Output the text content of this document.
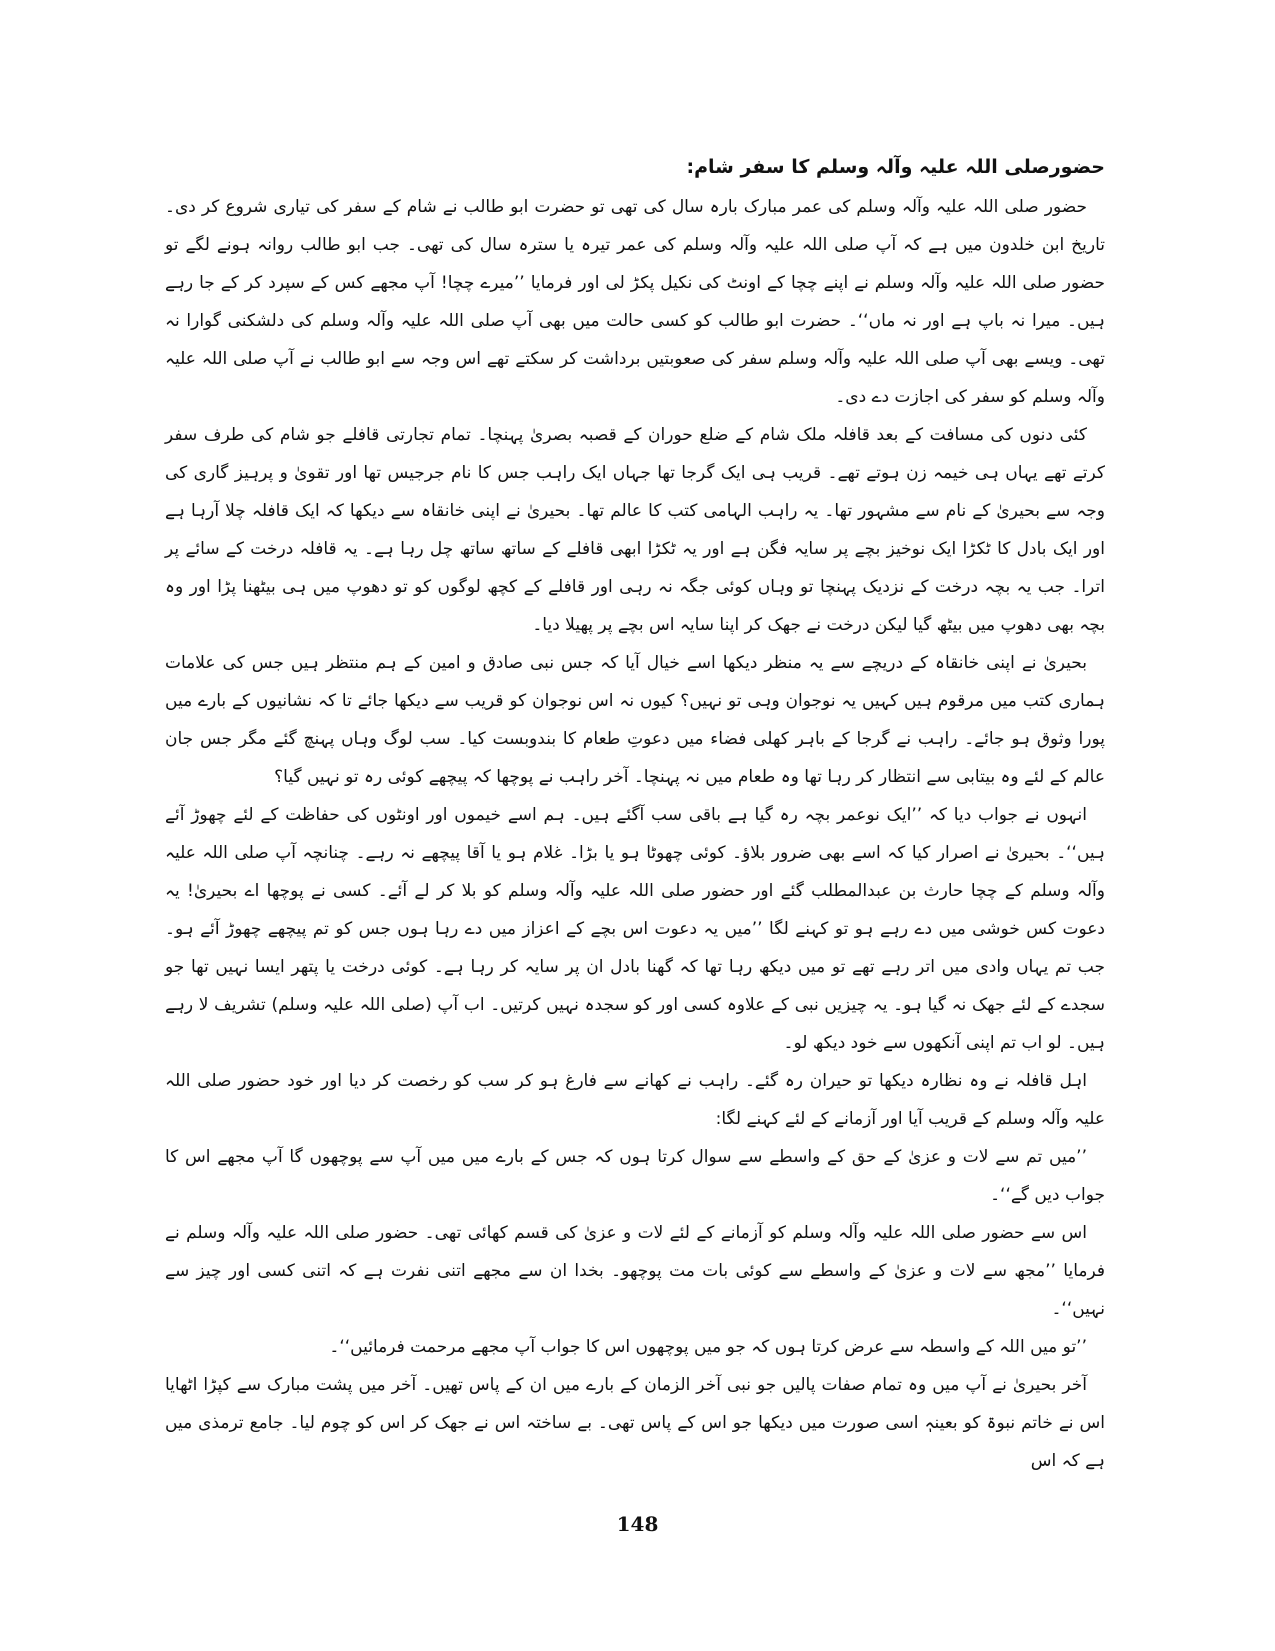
حضورصلی اللہ علیہ وآلہ وسلم کا سفر شام:

حضور صلی اللہ علیہ وآلہ وسلم کی عمر مبارک بارہ سال کی تھی تو حضرت ابو طالب نے شام کے سفر کی تیاری شروع کر دی۔ تاریخ ابن خلدون میں ہے کہ آپ صلی اللہ علیہ وآلہ وسلم کی عمر تیرہ یا سترہ سال کی تھی۔ جب ابو طالب روانہ ہونے لگے تو حضور صلی اللہ علیہ وآلہ وسلم نے اپنے چچا کے اونٹ کی نکیل پکڑ لی اور فرمایا ’’میرے چچا! آپ مجھے کس کے سپرد کر کے جا رہے ہیں۔ میرا نہ باپ ہے اور نہ ماں‘‘۔ حضرت ابو طالب کو کسی حالت میں بھی آپ صلی اللہ علیہ وآلہ وسلم کی دلشکنی گوارا نہ تھی۔ ویسے بھی آپ صلی اللہ علیہ وآلہ وسلم سفر کی صعوبتیں برداشت کر سکتے تھے اس وجہ سے ابو طالب نے آپ صلی اللہ علیہ وآلہ وسلم کو سفر کی اجازت دے دی۔

کئی دنوں کی مسافت کے بعد قافلہ ملک شام کے ضلع حوران کے قصبہ بصریٰ پہنچا۔ تمام تجارتی قافلے جو شام کی طرف سفر کرتے تھے یہاں ہی خیمہ زن ہوتے تھے۔ قریب ہی ایک گرجا تھا جہاں ایک راہب جس کا نام جرجیس تھا اور تقویٰ و پرہیز گاری کی وجہ سے بحیریٰ کے نام سے مشہور تھا۔ یہ راہب الہامی کتب کا عالم تھا۔ بحیریٰ نے اپنی خانقاہ سے دیکھا کہ ایک قافلہ چلا آرہا ہے اور ایک بادل کا ٹکڑا ایک نوخیز بچے پر سایہ فگن ہے اور یہ ٹکڑا ابھی قافلے کے ساتھ ساتھ چل رہا ہے۔ یہ قافلہ درخت کے سائے پر اترا۔ جب یہ بچہ درخت کے نزدیک پہنچا تو وہاں کوئی جگہ نہ رہی اور قافلے کے کچھ لوگوں کو تو دھوپ میں ہی بیٹھنا پڑا اور وہ بچہ بھی دھوپ میں بیٹھ گیا لیکن درخت نے جھک کر اپنا سایہ اس بچے پر پھیلا دیا۔

بحیریٰ نے اپنی خانقاہ کے دریچے سے یہ منظر دیکھا اسے خیال آیا کہ جس نبی صادق و امین کے ہم منتظر ہیں جس کی علامات ہماری کتب میں مرقوم ہیں کہیں یہ نوجوان وہی تو نہیں؟ کیوں نہ اس نوجوان کو قریب سے دیکھا جائے تا کہ نشانیوں کے بارے میں پورا وثوق ہو جائے۔ راہب نے گرجا کے باہر کھلی فضاء میں دعوتِ طعام کا بندوبست کیا۔ سب لوگ وہاں پہنچ گئے مگر جس جان عالم کے لئے وہ بیتابی سے انتظار کر رہا تھا وہ طعام میں نہ پہنچا۔ آخر راہب نے پوچھا کہ پیچھے کوئی رہ تو نہیں گیا؟

انہوں نے جواب دیا کہ ’’ایک نوعمر بچہ رہ گیا ہے باقی سب آگئے ہیں۔ ہم اسے خیموں اور اونٹوں کی حفاظت کے لئے چھوڑ آئے ہیں‘‘۔ بحیریٰ نے اصرار کیا کہ اسے بھی ضرور بلاؤ۔ کوئی چھوٹا ہو یا بڑا۔ غلام ہو یا آقا پیچھے نہ رہے۔ چنانچہ آپ صلی اللہ علیہ وآلہ وسلم کے چچا حارث بن عبدالمطلب گئے اور حضور صلی اللہ علیہ وآلہ وسلم کو بلا کر لے آئے۔ کسی نے پوچھا اے بحیریٰ! یہ دعوت کس خوشی میں دے رہے ہو تو کہنے لگا ’’میں یہ دعوت اس بچے کے اعزاز میں دے رہا ہوں جس کو تم پیچھے چھوڑ آئے ہو۔ جب تم یہاں وادی میں اتر رہے تھے تو میں دیکھ رہا تھا کہ گھنا بادل ان پر سایہ کر رہا ہے۔ کوئی درخت یا پتھر ایسا نہیں تھا جو سجدے کے لئے جھک نہ گیا ہو۔ یہ چیزیں نبی کے علاوہ کسی اور کو سجدہ نہیں کرتیں۔ اب آپ (صلی اللہ علیہ وسلم) تشریف لا رہے ہیں۔ لو اب تم اپنی آنکھوں سے خود دیکھ لو۔

اہل قافلہ نے وہ نظارہ دیکھا تو حیران رہ گئے۔ راہب نے کھانے سے فارغ ہو کر سب کو رخصت کر دیا اور خود حضور صلی اللہ علیہ وآلہ وسلم کے قریب آیا اور آزمانے کے لئے کہنے لگا:

’’میں تم سے لات و عزیٰ کے حق کے واسطے سے سوال کرتا ہوں کہ جس کے بارے میں میں آپ سے پوچھوں گا آپ مجھے اس کا جواب دیں گے‘‘۔

اس سے حضور صلی اللہ علیہ وآلہ وسلم کو آزمانے کے لئے لات و عزیٰ کی قسم کھائی تھی۔ حضور صلی اللہ علیہ وآلہ وسلم نے فرمایا ’’مجھ سے لات و عزیٰ کے واسطے سے کوئی بات مت پوچھو۔ بخدا ان سے مجھے اتنی نفرت ہے کہ اتنی کسی اور چیز سے نہیں‘‘۔

’’تو میں اللہ کے واسطہ سے عرض کرتا ہوں کہ جو میں پوچھوں اس کا جواب آپ مجھے مرحمت فرمائیں‘‘۔

آخر بحیریٰ نے آپ میں وہ تمام صفات پالیں جو نبی آخر الزمان کے بارے میں ان کے پاس تھیں۔ آخر میں پشت مبارک سے کپڑا اٹھایا اس نے خاتم نبوۃ کو بعینہٖ اسی صورت میں دیکھا جو اس کے پاس تھی۔ بے ساختہ اس نے جھک کر اس کو چوم لیا۔ جامع ترمذی میں ہے کہ اس

148
